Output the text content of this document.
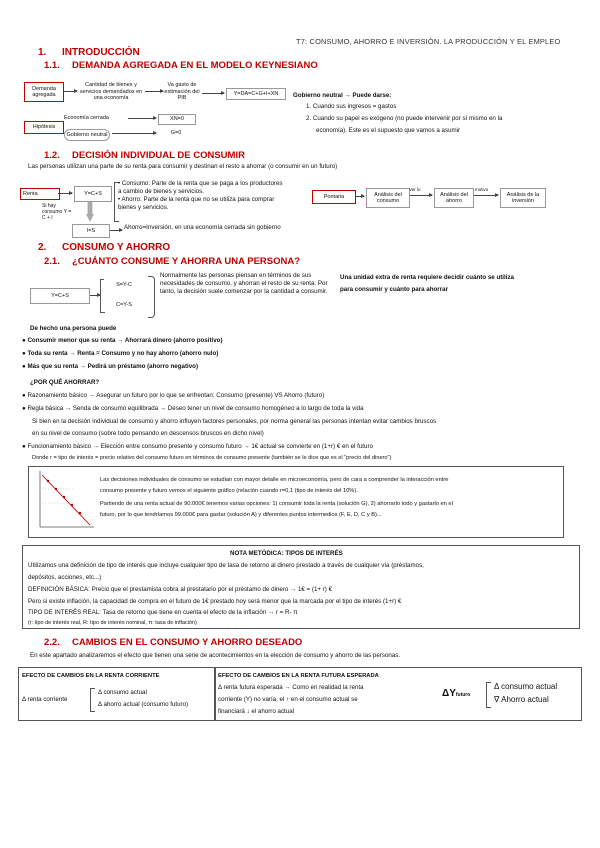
T7: CONSUMO, AHORRO E INVERSIÓN. LA PRODUCCIÓN Y EL EMPLEO
1. INTRODUCCIÓN
1.1. DEMANDA AGREGADA EN EL MODELO KEYNESIANO
Demanda agregada
Cantidad de bienes y servicios demandados en una economía
Va gasto de estimación del PIB
Y=DA=C+G+I+XN
Hipótesis
Economía cerrada
Gobierno neutral
XN=0
G=0
Gobierno neutral → Puede darse:
1. Cuando sus ingresos = gastos
2. Cuando su papel es exógeno (no puede intervenir por sí mismo en la
economía). Este es el supuesto que vamos a asumir
1.2. DECISIÓN INDIVIDUAL DE CONSUMIR
Las personas utilizan una parte de su renta para consumir y destinan el resto a ahorrar (o consumir en un futuro)
Renta	Y=C+S
Si hay consumo Y = C + I
I=S
• Consumo: Parte de la renta que se paga a los productores a cambio de bienes y servicios.
• Ahorro: Parte de la renta que no se utiliza para comprar bienes y servicios.
Ahorro=Inversión, en una economía cerrada sin gobierno
Pontaria	Análisis del consumo
Ver lo
Análisis del ahorro
motivo
Análisis de la inversión
2. CONSUMO Y AHORRO
2.1. ¿CUÁNTO CONSUME Y AHORRA UNA PERSONA?
Y=C+S
S=Y-C
C=Y-S
Normalmente las personas piensan en términos de sus necesidades de consumo, y ahorran el resto de su renta. Por tanto, la decisión suele comenzar por la cantidad a consumir.
Una unidad extra de renta requiere decidir cuánto se utiliza
para consumir y cuánto para ahorrar
De hecho una persona puede
● Consumir menor que su renta → Ahorrará dinero (ahorro positivo)
● Toda su renta → Renta = Consumo y no hay ahorro (ahorro nulo)
● Más que su renta → Pedirá un préstamo (ahorro negativo)
¿POR QUÉ AHORRAR?
● Razonamiento básico → Asegurar un futuro por lo que se enfrentan: Consumo (presente) VS Ahorro (futuro)
● Regla básica → Senda de consumo equilibrada → Deseo tener un nivel de consumo homogéneo a lo largo de toda la vida
Si bien en la decisión individual de consumo y ahorro influyen factores personales, por norma general las personas intentan evitar cambios bruscos
en su nivel de consumo (sobre todo pensando en descensos bruscos en dicho nivel)
● Funcionamiento básico → Elección entre consumo presente y consumo futuro → 1€ actual se convierte en (1+r) € en el futuro
Donde r = tipo de interés = precio relativo del consumo futuro en términos de consumo presente (también se le dice que es el "precio del dinero")
Las decisiones individuales de consumo se estudian con mayor detalle en microeconomía, pero de cara a comprender la interacción entre
consumo presente y futuro vemos el siguiente gráfico (relación cuando r=0,1 (tipo de interés del 10%).
Partiendo de una renta actual de 90.000€ tenemos varias opciones: 1) consumir toda la renta (solución G), 2) ahorrarlo todo y gastarlo en el
futuro, por lo que tendríamos 99.000€ para gastar (solución A) y diferentes puntos intermedios (F, E, D, C y B)...
NOTA METÓDICA: TIPOS DE INTERÉS
Utilizamos una definición de tipo de interés que incluye cualquier tipo de tasa de retorno al dinero prestado a través de cualquier vía (préstamos,
depósitos, acciones, etc...)
DEFINICIÓN BÁSICA: Precio que el prestamista cobra al prestatario por el préstamo de dinero → 1€ = (1+ r) €
Pero si existe inflación, la capacidad de compra en el futuro de 1€ prestado hoy será menor que la marcada por el tipo de interés (1+r) €
TIPO DE INTERÉS REAL: Tasa de retorno que tiene en cuenta el efecto de la inflación → r = R- π
(r: tipo de interés real, R: tipo de interés nominal, π: tasa de inflación)
2.2. CAMBIOS EN EL CONSUMO Y AHORRO DESEADO
En este apartado analizaremos el efecto que tienen una serie de acontecimientos en la elección de consumo y ahorro de las personas.
EFECTO DE CAMBIOS EN LA RENTA CORRIENTE
Δ renta corriente
Δ consumo actual
Δ ahorro actual (consumo futuro)
EFECTO DE CAMBIOS EN LA RENTA FUTURA ESPERADA
Δ renta futura esperada → Como en realidad la renta
corriente (Y) no varía, el ↑ en el consumo actual se
financiará ↓ el ahorro actual
ΔYfuturo
Δ consumo actual
∇ Ahorro actual
